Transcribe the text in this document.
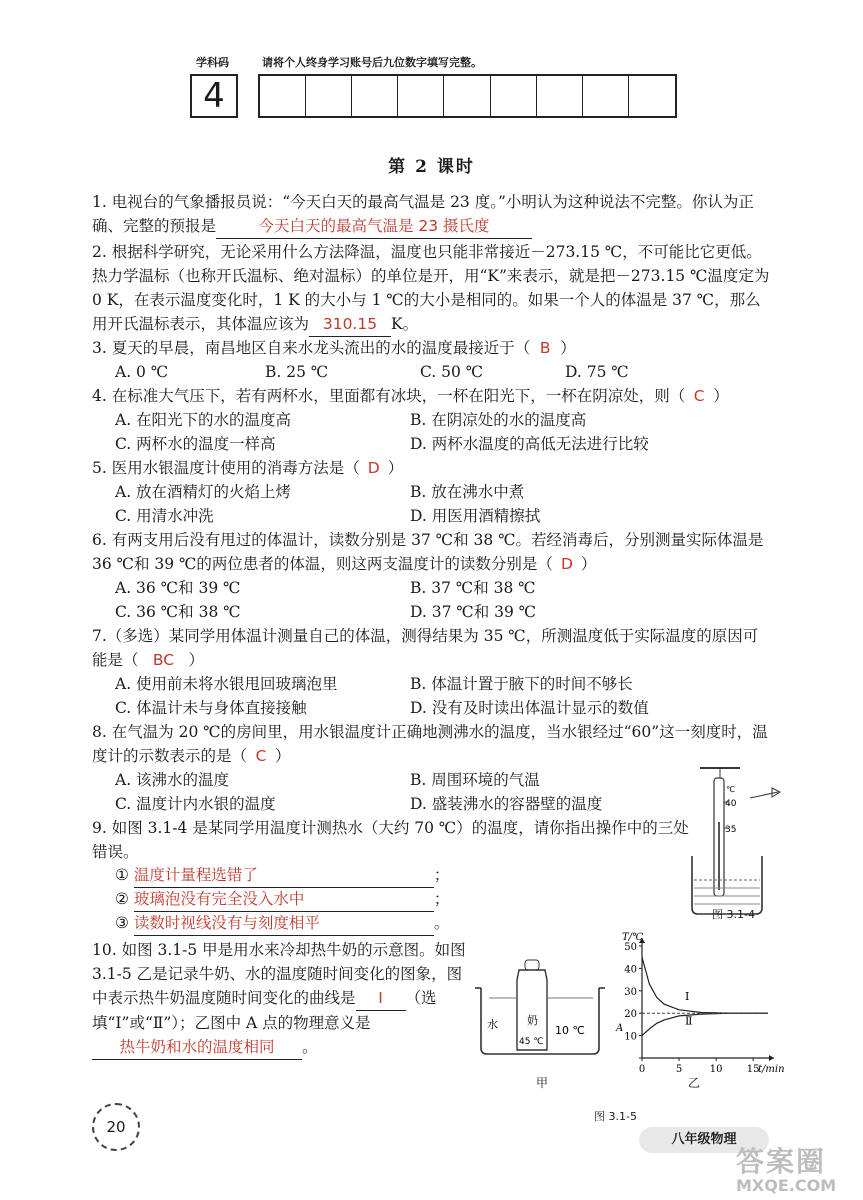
学科码	请将个人终身学习账号后九位数字填写完整。
4
第 2 课时
1. 电视台的气象播报员说：“今天白天的最高气温是 23 度。”小明认为这种说法不完整。你认为正确、完整的预报是	今天白天的最高气温是 23 摄氏度
2. 根据科学研究，无论采用什么方法降温，温度也只能非常接近－273.15 ℃，不可能比它更低。热力学温标（也称开氏温标、绝对温标）的单位是开，用“K”来表示，就是把－273.15 ℃温度定为 0 K，在表示温度变化时，1 K 的大小与 1 ℃的大小是相同的。如果一个人的体温是 37 ℃，那么用开氏温标表示，其体温应该为 310.15 K。
3. 夏天的早晨，南昌地区自来水龙头流出的水的温度最接近于（ B ）
A. 0 ℃	B. 25 ℃	C. 50 ℃	D. 75 ℃
4. 在标准大气压下，若有两杯水，里面都有冰块，一杯在阳光下，一杯在阴凉处，则（ C ）
A. 在阳光下的水的温度高	B. 在阴凉处的水的温度高
C. 两杯水的温度一样高	D. 两杯水温度的高低无法进行比较
5. 医用水银温度计使用的消毒方法是（ D ）
A. 放在酒精灯的火焰上烤	B. 放在沸水中煮
C. 用清水冲洗	D. 用医用酒精擦拭
6. 有两支用后没有甩过的体温计，读数分别是 37 ℃和 38 ℃。若经消毒后，分别测量实际体温是 36 ℃和 39 ℃的两位患者的体温，则这两支温度计的读数分别是（ D ）
A. 36 ℃和 39 ℃	B. 37 ℃和 38 ℃
C. 36 ℃和 38 ℃	D. 37 ℃和 39 ℃
7.（多选）某同学用体温计测量自己的体温，测得结果为 35 ℃，所测温度低于实际温度的原因可能是（ BC ）
A. 使用前未将水银甩回玻璃泡里	B. 体温计置于腋下的时间不够长
C. 体温计未与身体直接接触	D. 没有及时读出体温计显示的数值
8. 在气温为 20 ℃的房间里，用水银温度计正确地测沸水的温度，当水银经过“60”这一刻度时，温度计的示数表示的是（ C ）
A. 该沸水的温度	B. 周围环境的气温
C. 温度计内水银的温度	D. 盛装沸水的容器壁的温度
℃
40
35
图 3.1-4
9. 如图 3.1-4 是某同学用温度计测热水（大约 70 ℃）的温度，请你指出操作中的三处错误。
① 温度计量程选错了	；
② 玻璃泡没有完全没入水中	；
③ 读数时视线没有与刻度相平	。
10. 如图 3.1-5 甲是用水来冷却热牛奶的示意图。如图 3.1-5 乙是记录牛奶、水的温度随时间变化的图象，图中表示热牛奶温度随时间变化的曲线是 Ⅰ （选填“Ⅰ”或“Ⅱ”）；乙图中 A 点的物理意义是热牛奶和水的温度相同 。
水	奶
45 ℃
10 ℃
甲
T/℃
t/min
Ⅰ
Ⅱ
A
10
20
30
40
50
0	5	10 15
乙
图 3.1-5
20
八年级物理
答案圈
MXQE.COM
